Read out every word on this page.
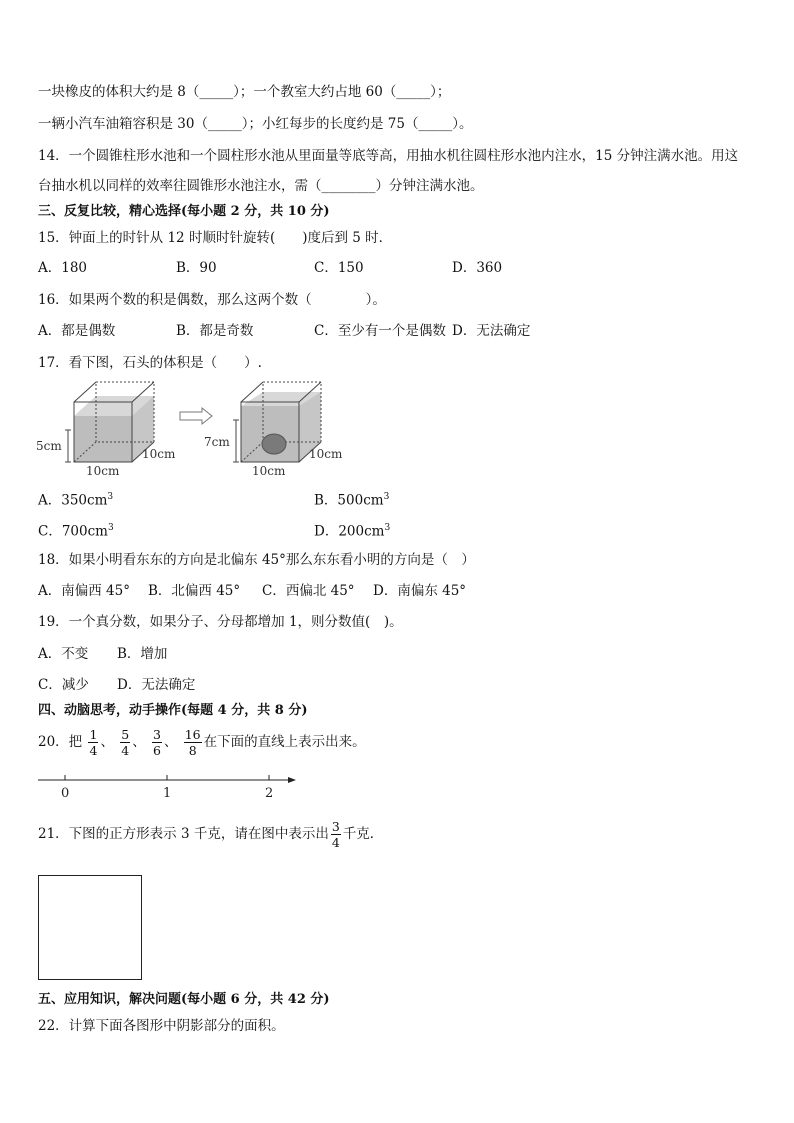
一块橡皮的体积大约是 8（_____）；一个教室大约占地 60（_____）；
一辆小汽车油箱容积是 30（_____）；小红每步的长度约是 75（_____）。
14．一个圆锥柱形水池和一个圆柱形水池从里面量等底等高，用抽水机往圆柱形水池内注水，15 分钟注满水池。用这
台抽水机以同样的效率往圆锥形水池注水，需（________）分钟注满水池。
三、反复比较，精心选择(每小题 2 分，共 10 分)
15．钟面上的时针从 12 时顺时针旋转(　　)度后到 5 时．
A．180	B．90	C．150	D．360
16．如果两个数的积是偶数，那么这两个数（　　　　）。
A．都是偶数	B．都是奇数	C．至少有一个是偶数 D．无法确定
17．看下图，石头的体积是（　　）.
5cm
10cm
10cm
7cm
10cm
10cm
A．$350cm^3$	B．$500cm^3$
C．$700cm^3$	D．$200cm^3$
18．如果小明看东东的方向是北偏东 45°那么东东看小明的方向是（　）
A．南偏西 45° B．北偏西 45° C．西偏北 45° D．南偏东 45°
19．一个真分数，如果分子、分母都增加 1，则分数值(　)。
A．不变 B．增加
C．减少 D．无法确定
四、动脑思考，动手操作(每题 4 分，共 8 分)
20．把 $\frac{1}{4}$ 、 $\frac{5}{4}$ 、 $\frac{3}{6}$ 、 $\frac{16}{8}$ 在下面的直线上表示出来。
0	1	2
21．下图的正方形表示 3 千克，请在图中表示出 $\frac{3}{4}$ 千克．
五、应用知识，解决问题(每小题 6 分，共 42 分)
22．计算下面各图形中阴影部分的面积。
